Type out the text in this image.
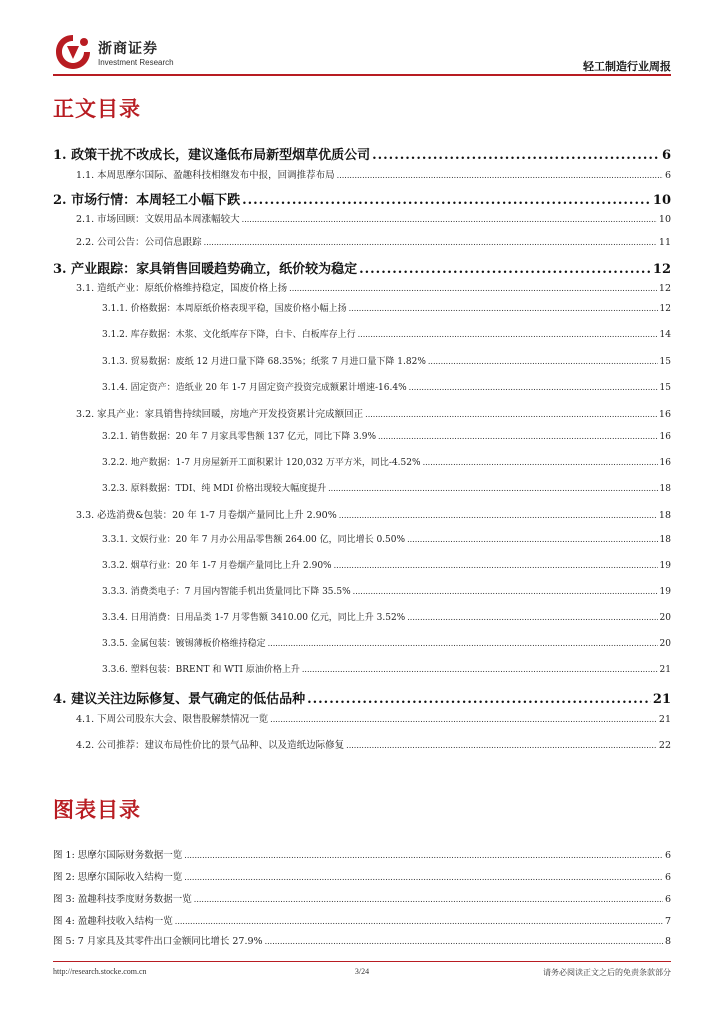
浙商证券
Investment Research	轻工制造行业周报
正文目录
1. 政策干扰不改成长，建议逢低布局新型烟草优质公司 .....	6
1.1. 本周思摩尔国际、盈趣科技相继发布中报，回调推荐布局 .....	6
2. 市场行情：本周轻工小幅下跌 .....	10
2.1. 市场回顾：文娱用品本周涨幅较大 .....	10
2.2. 公司公告：公司信息跟踪 .....	11
3. 产业跟踪：家具销售回暖趋势确立，纸价较为稳定 .....	12
3.1. 造纸产业：原纸价格维持稳定，国废价格上扬 .....	12
3.1.1. 价格数据：本周原纸价格表现平稳，国废价格小幅上扬 .....	12
3.1.2. 库存数据：木浆、文化纸库存下降，白卡、白板库存上行 .....	14
3.1.3. 贸易数据：废纸 12 月进口量下降 68.35%；纸浆 7 月进口量下降 1.82% .....	15
3.1.4. 固定资产：造纸业 20 年 1-7 月固定资产投资完成额累计增速-16.4% .....	15
3.2. 家具产业：家具销售持续回暖，房地产开发投资累计完成额回正 .....	16
3.2.1. 销售数据：20 年 7 月家具零售额 137 亿元，同比下降 3.9% .....	16
3.2.2. 地产数据：1-7 月房屋新开工面积累计 120,032 万平方米，同比-4.52% .....	16
3.2.3. 原料数据：TDI、纯 MDI 价格出现较大幅度提升 .....	18
3.3. 必选消费&包装：20 年 1-7 月卷烟产量同比上升 2.90% .....	18
3.3.1. 文娱行业：20 年 7 月办公用品零售额 264.00 亿，同比增长 0.50% .....	18
3.3.2. 烟草行业：20 年 1-7 月卷烟产量同比上升 2.90% .....	19
3.3.3. 消费类电子：7 月国内智能手机出货量同比下降 35.5% .....	19
3.3.4. 日用消费：日用品类 1-7 月零售额 3410.00 亿元，同比上升 3.52% .....	20
3.3.5. 金属包装：镀锡薄板价格维持稳定 .....	20
3.3.6. 塑料包装：BRENT 和 WTI 原油价格上升 .....	21
4. 建议关注边际修复、景气确定的低估品种 .....	21
4.1. 下周公司股东大会、限售股解禁情况一览 .....	21
4.2. 公司推荐：建议布局性价比的景气品种、以及造纸边际修复 .....	22
图表目录
图 1: 思摩尔国际财务数据一览 .....	6
图 2: 思摩尔国际收入结构一览 .....	6
图 3: 盈趣科技季度财务数据一览 .....	6
图 4: 盈趣科技收入结构一览 .....	7
图 5: 7 月家具及其零件出口金额同比增长 27.9% .....	8
http://research.stocke.com.cn	3/24	请务必阅读正文之后的免责条款部分
